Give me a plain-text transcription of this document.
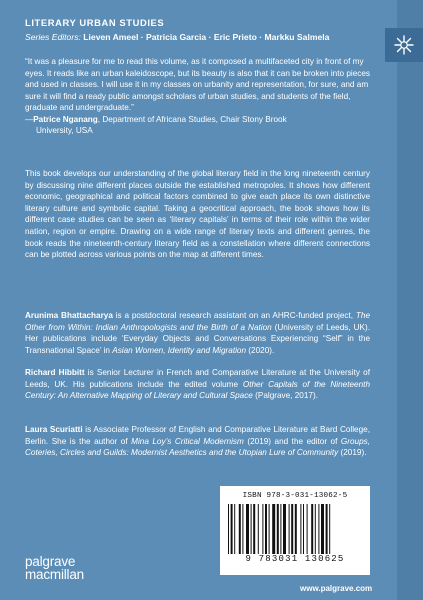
LITERARY URBAN STUDIES
Series Editors: Lieven Ameel · Patricia Garcia · Eric Prieto · Markku Salmela
“It was a pleasure for me to read this volume, as it composed a multifaceted city in front of my eyes. It reads like an urban kaleidoscope, but its beauty is also that it can be broken into pieces and used in classes. I will use it in my classes on urbanity and representation, for sure, and am sure it will find a ready public amongst scholars of urban studies, and students of the field, graduate and undergraduate.”
—Patrice Nganang, Department of Africana Studies, Chair Stony Brook
University, USA
This book develops our understanding of the global literary field in the long nineteenth century by discussing nine different places outside the established metropoles. It shows how different economic, geographical and political factors combined to give each place its own distinctive literary culture and symbolic capital. Taking a geocritical approach, the book shows how its different case studies can be seen as ‘literary capitals’ in terms of their role within the wider nation, region or empire. Drawing on a wide range of literary texts and different genres, the book reads the nineteenth-century literary field as a constellation where different connections can be plotted across various points on the map at different times.
Arunima Bhattacharya is a postdoctoral research assistant on an AHRC-funded project, The Other from Within: Indian Anthropologists and the Birth of a Nation (University of Leeds, UK). Her publications include ‘Everyday Objects and Conversations Experiencing “Self” in the Transnational Space’ in Asian Women, Identity and Migration (2020).
Richard Hibbitt is Senior Lecturer in French and Comparative Literature at the University of Leeds, UK. His publications include the edited volume Other Capitals of the Nineteenth Century: An Alternative Mapping of Literary and Cultural Space (Palgrave, 2017).
Laura Scuriatti is Associate Professor of English and Comparative Literature at Bard College, Berlin. She is the author of Mina Loy’s Critical Modernism (2019) and the editor of Groups, Coteries, Circles and Guilds: Modernist Aesthetics and the Utopian Lure of Community (2019).
ISBN 978-3-031-13062-5
9 783031 130625
palgrave
macmillan
www.palgrave.com
